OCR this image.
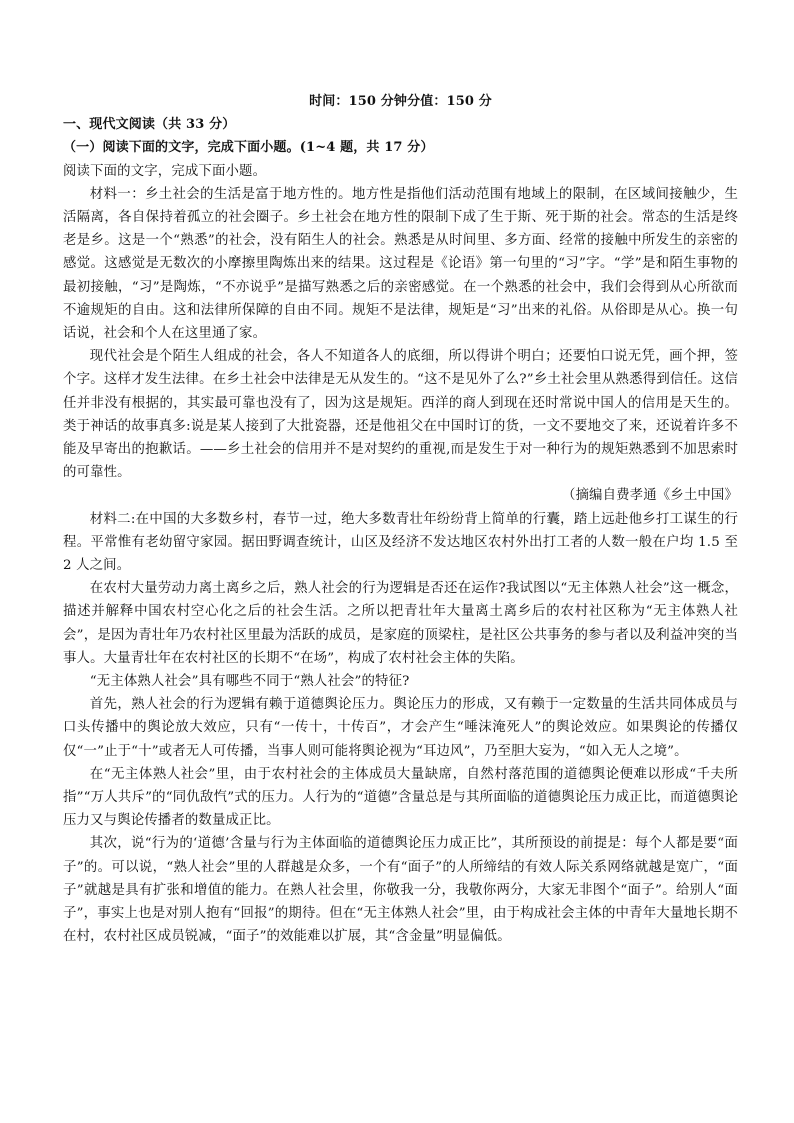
时间：150 分钟分值：150 分

一、现代文阅读（共 33 分）

（一）阅读下面的文字，完成下面小题。(1~4 题，共 17 分）

阅读下面的文字，完成下面小题。

材料一：乡土社会的生活是富于地方性的。地方性是指他们活动范围有地域上的限制，在区域间接触少，生活隔离，各自保持着孤立的社会圈子。乡土社会在地方性的限制下成了生于斯、死于斯的社会。常态的生活是终老是乡。这是一个“熟悉”的社会，没有陌生人的社会。熟悉是从时间里、多方面、经常的接触中所发生的亲密的感觉。这感觉是无数次的小摩擦里陶炼出来的结果。这过程是《论语》第一句里的“习”字。“学”是和陌生事物的最初接触，“习”是陶炼，“不亦说乎”是描写熟悉之后的亲密感觉。在一个熟悉的社会中，我们会得到从心所欲而不逾规矩的自由。这和法律所保障的自由不同。规矩不是法律，规矩是“习”出来的礼俗。从俗即是从心。换一句话说，社会和个人在这里通了家。

现代社会是个陌生人组成的社会，各人不知道各人的底细，所以得讲个明白；还要怕口说无凭，画个押，签个字。这样才发生法律。在乡土社会中法律是无从发生的。“这不是见外了么?”乡土社会里从熟悉得到信任。这信任并非没有根据的，其实最可靠也没有了，因为这是规矩。西洋的商人到现在还时常说中国人的信用是天生的。类于神话的故事真多:说是某人接到了大批瓷器，还是他祖父在中国时订的货，一文不要地交了来，还说着许多不能及早寄出的抱歉话。——乡土社会的信用并不是对契约的重视,而是发生于对一种行为的规矩熟悉到不加思索时的可靠性。

（摘编自费孝通《乡土中国》

材料二:在中国的大多数乡村，春节一过，绝大多数青壮年纷纷背上简单的行囊，踏上远赴他乡打工谋生的行程。平常惟有老幼留守家园。据田野调查统计，山区及经济不发达地区农村外出打工者的人数一般在户均 1.5 至 2 人之间。

在农村大量劳动力离土离乡之后，熟人社会的行为逻辑是否还在运作?我试图以“无主体熟人社会”这一概念，描述并解释中国农村空心化之后的社会生活。之所以把青壮年大量离土离乡后的农村社区称为“无主体熟人社会”，是因为青壮年乃农村社区里最为活跃的成员，是家庭的顶梁柱，是社区公共事务的参与者以及利益冲突的当事人。大量青壮年在农村社区的长期不“在场”，构成了农村社会主体的失陷。

“无主体熟人社会”具有哪些不同于“熟人社会”的特征?

首先，熟人社会的行为逻辑有赖于道德舆论压力。舆论压力的形成，又有赖于一定数量的生活共同体成员与口头传播中的舆论放大效应，只有“一传十，十传百”，才会产生“唾沫淹死人”的舆论效应。如果舆论的传播仅仅“一”止于“十”或者无人可传播，当事人则可能将舆论视为“耳边风”，乃至胆大妄为，“如入无人之境”。

在“无主体熟人社会”里，由于农村社会的主体成员大量缺席，自然村落范围的道德舆论便难以形成“千夫所指”“万人共斥”的“同仇敌忾”式的压力。人行为的“道德”含量总是与其所面临的道德舆论压力成正比，而道德舆论压力又与舆论传播者的数量成正比。

其次，说“行为的‘道德’含量与行为主体面临的道德舆论压力成正比”，其所预设的前提是：每个人都是要“面子”的。可以说，“熟人社会”里的人群越是众多，一个有“面子”的人所缔结的有效人际关系网络就越是宽广，“面子”就越是具有扩张和增值的能力。在熟人社会里，你敬我一分，我敬你两分，大家无非图个“面子”。给别人“面子”，事实上也是对别人抱有“回报”的期待。但在“无主体熟人社会”里，由于构成社会主体的中青年大量地长期不在村，农村社区成员锐减，“面子”的效能难以扩展，其“含金量”明显偏低。
